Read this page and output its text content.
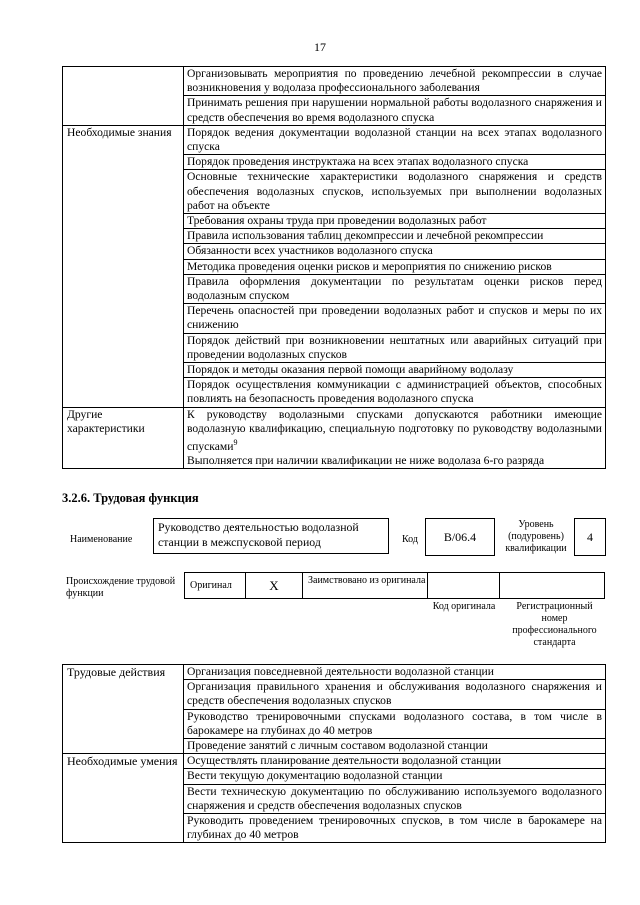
17
	Организовывать мероприятия по проведению лечебной рекомпрессии в случае возникновения у водолаза профессионального заболевания
	Принимать решения при нарушении нормальной работы водолазного снаряжения и средств обеспечения во время водолазного спуска
Необходимые знания	Порядок ведения документации водолазной станции на всех этапах водолазного спуска
	Порядок проведения инструктажа на всех этапах водолазного спуска
	Основные технические характеристики водолазного снаряжения и средств обеспечения водолазных спусков, используемых при выполнении водолазных работ на объекте
	Требования охраны труда при проведении водолазных работ
	Правила использования таблиц декомпрессии и лечебной рекомпрессии
	Обязанности всех участников водолазного спуска
	Методика проведения оценки рисков и мероприятия по снижению рисков
	Правила оформления документации по результатам оценки рисков перед водолазным спуском
	Перечень опасностей при проведении водолазных работ и спусков и меры по их снижению
	Порядок действий при возникновении нештатных или аварийных ситуаций при проведении водолазных спусков
	Порядок и методы оказания первой помощи аварийному водолазу
	Порядок осуществления коммуникации с администрацией объектов, способных повлиять на безопасность проведения водолазного спуска
Другие характеристики	К руководству водолазными спусками допускаются работники имеющие водолазную квалификацию, специальную подготовку по руководству водолазными спусками$^9$
Выполняется при наличии квалификации не ниже водолаза 6-го разряда
3.2.6. Трудовая функция
Наименование
Руководство деятельностью водолазной станции в межспусковой период	Код	B/06.4
Уровень (подуровень) квалификации
4
Происхождение трудовой функции
Оригинал	X	Заимствовано из оригинала
Код оригинала	Регистрационный номер профессионального стандарта
Трудовые действия	Организация повседневной деятельности водолазной станции
	Организация правильного хранения и обслуживания водолазного снаряжения и средств обеспечения водолазных спусков
	Руководство тренировочными спусками водолазного состава, в том числе в барокамере на глубинах до 40 метров
	Проведение занятий с личным составом водолазной станции
Необходимые умения	Осуществлять планирование деятельности водолазной станции
	Вести текущую документацию водолазной станции
	Вести техническую документацию по обслуживанию используемого водолазного снаряжения и средств обеспечения водолазных спусков
	Руководить проведением тренировочных спусков, в том числе в барокамере на глубинах до 40 метров
